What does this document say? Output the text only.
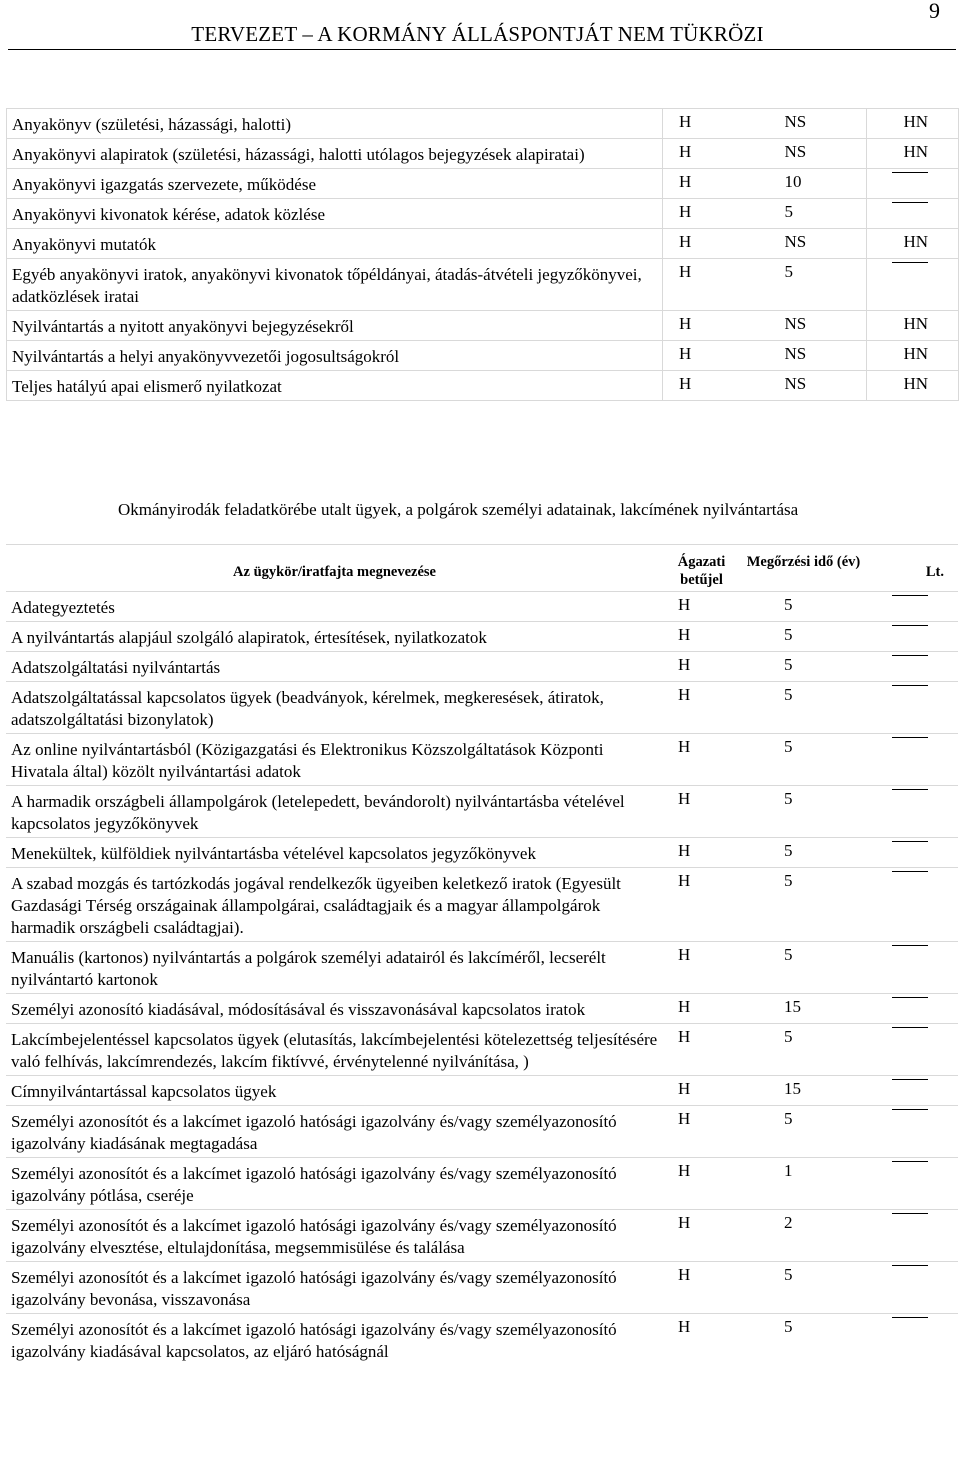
9
TERVEZET – A KORMÁNY ÁLLÁSPONTJÁT NEM TÜKRÖZI
Anyakönyv (születési, házassági, halotti)	H	NS	HN
Anyakönyvi alapiratok (születési, házassági, halotti utólagos bejegyzések alapiratai)	H	NS	HN
Anyakönyvi igazgatás szervezete, működése	H	10	
Anyakönyvi kivonatok kérése, adatok közlése	H	5	
Anyakönyvi mutatók	H	NS	HN
Egyéb anyakönyvi iratok, anyakönyvi kivonatok tőpéldányai, átadás-átvételi jegyzőkönyvei, adatközlések iratai	H	5	
Nyilvántartás a nyitott anyakönyvi bejegyzésekről	H	NS	HN
Nyilvántartás a helyi anyakönyvvezetői jogosultságokról	H	NS	HN
Teljes hatályú apai elismerő nyilatkozat	H	NS	HN
Okmányirodák feladatkörébe utalt ügyek, a polgárok személyi adatainak, lakcímének nyilvántartása
Az ügykör/iratfajta megnevezése	Ágazati betűjel	Megőrzési idő (év)	Lt.
Adategyeztetés	H	5	
A nyilvántartás alapjául szolgáló alapiratok, értesítések, nyilatkozatok	H	5	
Adatszolgáltatási nyilvántartás	H	5	
Adatszolgáltatással kapcsolatos ügyek (beadványok, kérelmek, megkeresések, átiratok, adatszolgáltatási bizonylatok)	H	5	
Az online nyilvántartásból (Közigazgatási és Elektronikus Közszolgáltatások Központi Hivatala által) közölt nyilvántartási adatok	H	5	
A harmadik országbeli állampolgárok (letelepedett, bevándorolt) nyilvántartásba vételével kapcsolatos jegyzőkönyvek	H	5	
Menekültek, külföldiek nyilvántartásba vételével kapcsolatos jegyzőkönyvek	H	5	
A szabad mozgás és tartózkodás jogával rendelkezők ügyeiben keletkező iratok (Egyesült Gazdasági Térség országainak állampolgárai, családtagjaik és a magyar állampolgárok harmadik országbeli családtagjai).	H	5	
Manuális (kartonos) nyilvántartás a polgárok személyi adatairól és lakcíméről, lecserélt nyilvántartó kartonok	H	5	
Személyi azonosító kiadásával, módosításával és visszavonásával kapcsolatos iratok	H	15	
Lakcímbejelentéssel kapcsolatos ügyek (elutasítás, lakcímbejelentési kötelezettség teljesítésére való felhívás, lakcímrendezés, lakcím fiktívvé, érvénytelenné nyilvánítása, )	H	5	
Címnyilvántartással kapcsolatos ügyek	H	15	
Személyi azonosítót és a lakcímet igazoló hatósági igazolvány és/vagy személyazonosító igazolvány kiadásának megtagadása	H	5	
Személyi azonosítót és a lakcímet igazoló hatósági igazolvány és/vagy személyazonosító igazolvány pótlása, cseréje	H	1	
Személyi azonosítót és a lakcímet igazoló hatósági igazolvány és/vagy személyazonosító igazolvány elvesztése, eltulajdonítása, megsemmisülése és találása	H	2	
Személyi azonosítót és a lakcímet igazoló hatósági igazolvány és/vagy személyazonosító igazolvány bevonása, visszavonása	H	5	
Személyi azonosítót és a lakcímet igazoló hatósági igazolvány és/vagy személyazonosító igazolvány kiadásával kapcsolatos, az eljáró hatóságnál	H	5	
